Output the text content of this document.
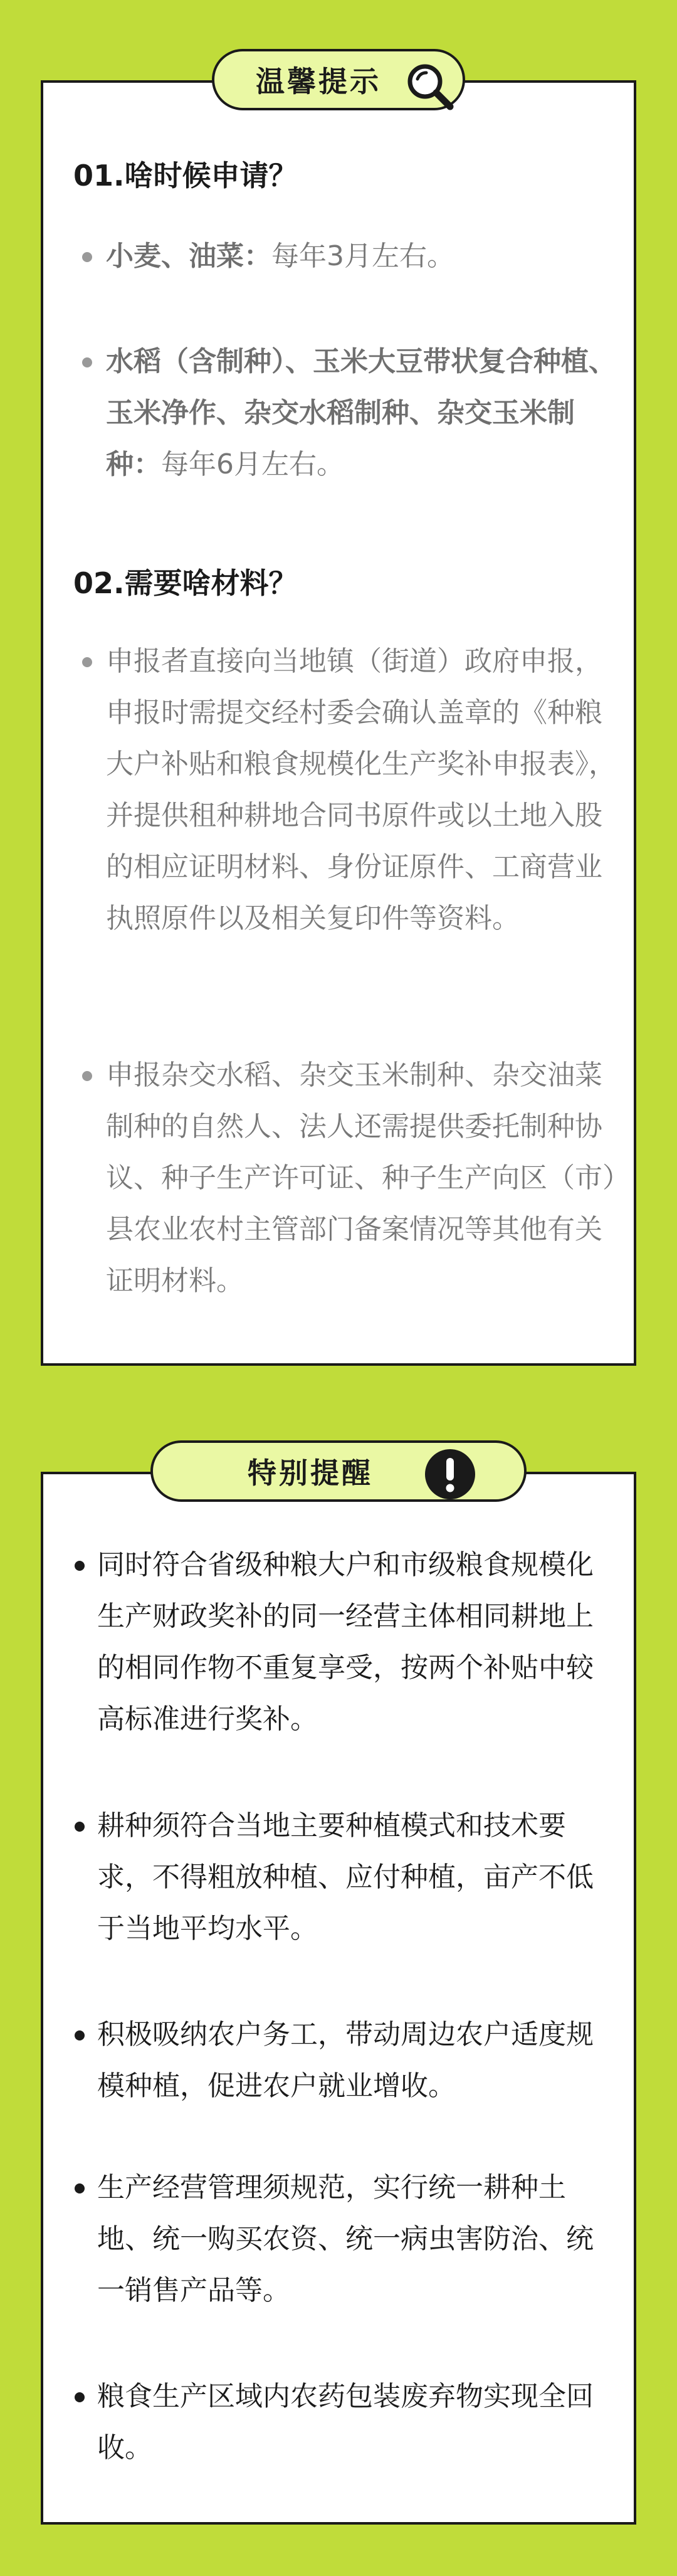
01.啥时候申请？
小麦、油菜：每年3月左右。
水稻（含制种）、玉米大豆带状复合种植、玉米净作、杂交水稻制种、杂交玉米制种：每年6月左右。
02.需要啥材料？
申报者直接向当地镇（街道）政府申报，申报时需提交经村委会确认盖章的《种粮大户补贴和粮食规模化生产奖补申报表》，并提供租种耕地合同书原件或以土地入股的相应证明材料、身份证原件、工商营业执照原件以及相关复印件等资料。
申报杂交水稻、杂交玉米制种、杂交油菜制种的自然人、法人还需提供委托制种协议、种子生产许可证、种子生产向区（市）县农业农村主管部门备案情况等其他有关证明材料。
温馨提示
同时符合省级种粮大户和市级粮食规模化生产财政奖补的同一经营主体相同耕地上的相同作物不重复享受，按两个补贴中较高标准进行奖补。
耕种须符合当地主要种植模式和技术要求，不得粗放种植、应付种植，亩产不低于当地平均水平。
积极吸纳农户务工，带动周边农户适度规模种植，促进农户就业增收。
生产经营管理须规范，实行统一耕种土地、统一购买农资、统一病虫害防治、统一销售产品等。
粮食生产区域内农药包装废弃物实现全回收。
特别提醒
